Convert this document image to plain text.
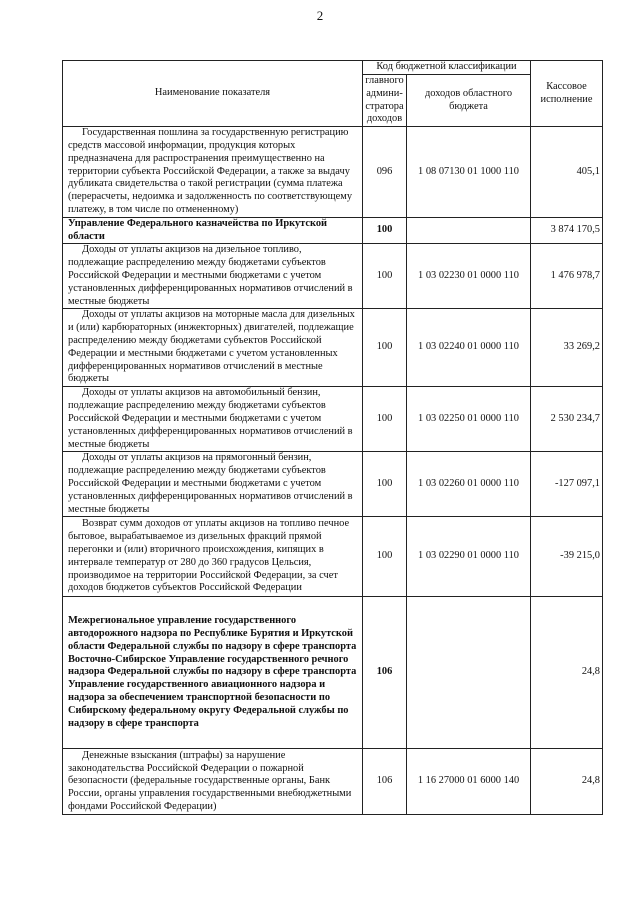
2
Наименование показателя	Код бюджетной классификации		Кассовое исполнение
	главного админи-стратора доходов	доходов областного бюджета	
Государственная пошлина за государственную регистрацию средств массовой информации, продукция которых предназначена для распространения преимущественно на территории субъекта Российской Федерации, а также за выдачу дубликата свидетельства о такой регистрации (сумма платежа (перерасчеты, недоимка и задолженность по соответствующему платежу, в том числе по отмененному)	096	1 08 07130 01 1000 110	405,1
Управление Федерального казначейства по Иркутской области	100		3 874 170,5
Доходы от уплаты акцизов на дизельное топливо, подлежащие распределению между бюджетами субъектов Российской Федерации и местными бюджетами с учетом установленных дифференцированных нормативов отчислений в местные бюджеты	100	1 03 02230 01 0000 110	1 476 978,7
Доходы от уплаты акцизов на моторные масла для дизельных и (или) карбюраторных (инжекторных) двигателей, подлежащие распределению между бюджетами субъектов Российской Федерации и местными бюджетами с учетом установленных дифференцированных нормативов отчислений в местные бюджеты	100	1 03 02240 01 0000 110	33 269,2
Доходы от уплаты акцизов на автомобильный бензин, подлежащие распределению между бюджетами субъектов Российской Федерации и местными бюджетами с учетом установленных дифференцированных нормативов отчислений в местные бюджеты	100	1 03 02250 01 0000 110	2 530 234,7
Доходы от уплаты акцизов на прямогонный бензин, подлежащие распределению между бюджетами субъектов Российской Федерации и местными бюджетами с учетом установленных дифференцированных нормативов отчислений в местные бюджеты	100	1 03 02260 01 0000 110	-127 097,1
Возврат сумм доходов от уплаты акцизов на топливо печное бытовое, вырабатываемое из дизельных фракций прямой перегонки и (или) вторичного происхождения, кипящих в интервале температур от 280 до 360 градусов Цельсия, производимое на территории Российской Федерации, за счет доходов бюджетов субъектов Российской Федерации	100	1 03 02290 01 0000 110	-39 215,0

Межрегиональное управление государственного автодорожного надзора по Республике Бурятия и Иркутской области Федеральной службы по надзору в сфере транспорта
Восточно-Сибирское Управление государственного речного надзора Федеральной службы по надзору в сфере транспорта
Управление государственного авиационного надзора и надзора за обеспечением транспортной безопасности по Сибирскому федеральному округу Федеральной службы по надзору в сфере транспорта	106		24,8
Денежные взыскания (штрафы) за нарушение законодательства Российской Федерации о пожарной безопасности (федеральные государственные органы, Банк России, органы управления государственными внебюджетными фондами Российской Федерации)	106	1 16 27000 01 6000 140	24,8
